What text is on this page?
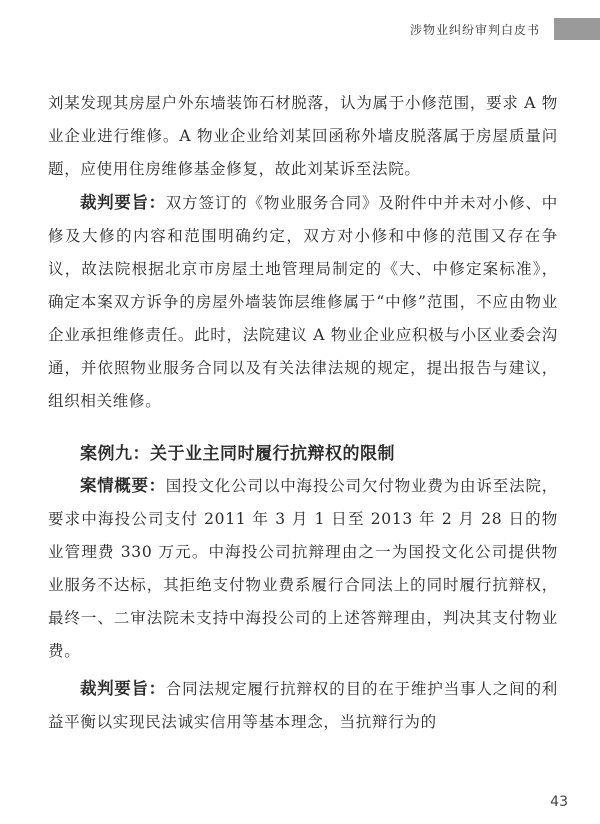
涉物业纠纷审判白皮书

刘某发现其房屋户外东墙装饰石材脱落，认为属于小修范围，要求 A 物业企业进行维修。A 物业企业给刘某回函称外墙皮脱落属于房屋质量问题，应使用住房维修基金修复，故此刘某诉至法院。

裁判要旨：双方签订的《物业服务合同》及附件中并未对小修、中修及大修的内容和范围明确约定，双方对小修和中修的范围又存在争议，故法院根据北京市房屋土地管理局制定的《大、中修定案标准》，确定本案双方诉争的房屋外墙装饰层维修属于“中修”范围，不应由物业企业承担维修责任。此时，法院建议 A 物业企业应积极与小区业委会沟通，并依照物业服务合同以及有关法律法规的规定，提出报告与建议，组织相关维修。

案例九：关于业主同时履行抗辩权的限制

案情概要：国投文化公司以中海投公司欠付物业费为由诉至法院，要求中海投公司支付 2011 年 3 月 1 日至 2013 年 2 月 28 日的物业管理费 330 万元。中海投公司抗辩理由之一为国投文化公司提供物业服务不达标，其拒绝支付物业费系履行合同法上的同时履行抗辩权，最终一、二审法院未支持中海投公司的上述答辩理由，判决其支付物业费。

裁判要旨：合同法规定履行抗辩权的目的在于维护当事人之间的利益平衡以实现民法诚实信用等基本理念，当抗辩行为的

43
